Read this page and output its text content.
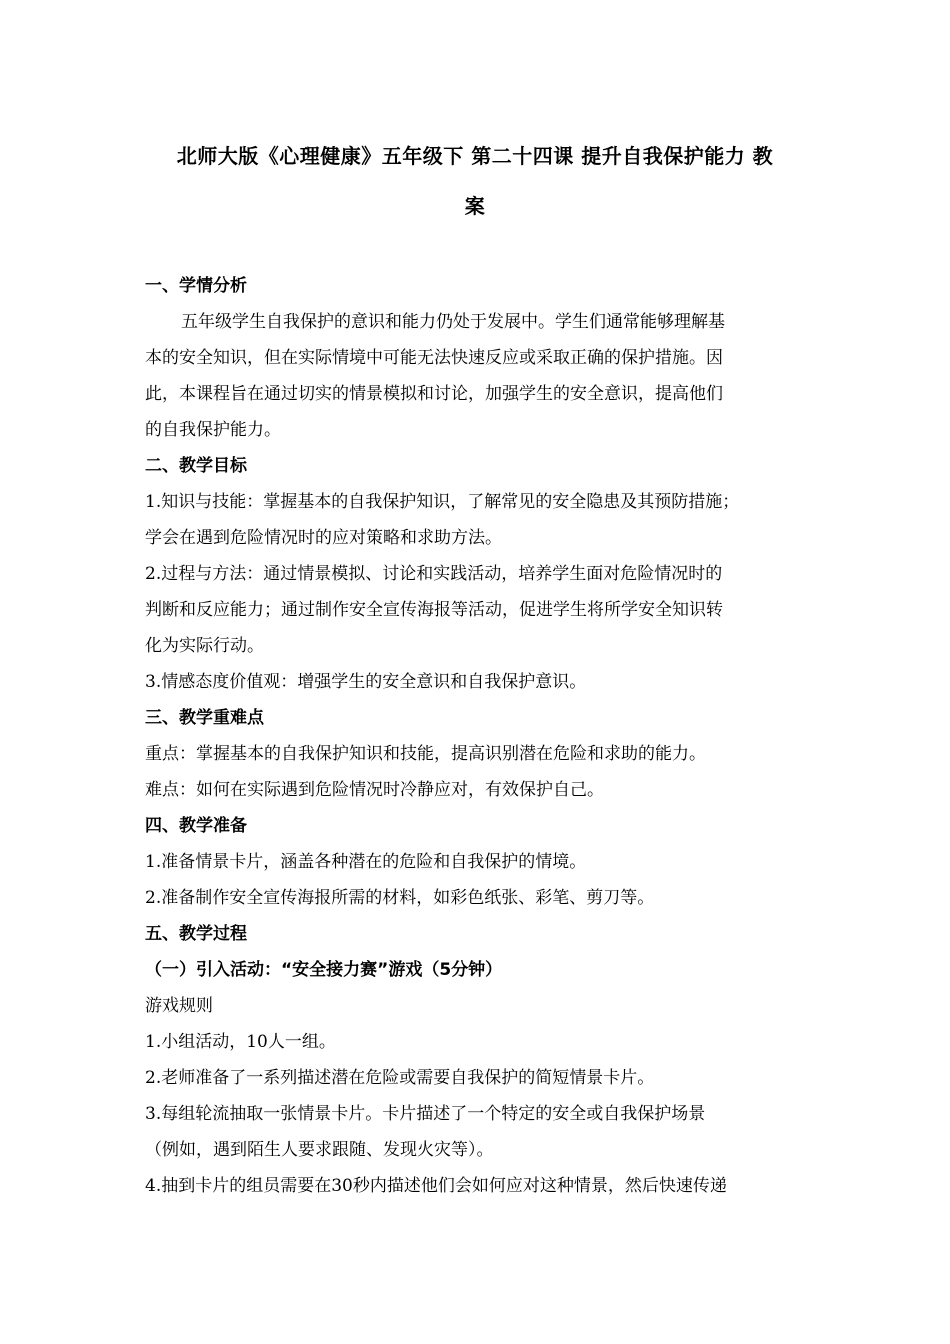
北师大版《心理健康》五年级下 第二十四课 提升自我保护能力 教
案
一、学情分析
五年级学生自我保护的意识和能力仍处于发展中。学生们通常能够理解基
本的安全知识，但在实际情境中可能无法快速反应或采取正确的保护措施。因
此，本课程旨在通过切实的情景模拟和讨论，加强学生的安全意识，提高他们
的自我保护能力。
二、教学目标
1.知识与技能：掌握基本的自我保护知识，了解常见的安全隐患及其预防措施；
学会在遇到危险情况时的应对策略和求助方法。
2.过程与方法：通过情景模拟、讨论和实践活动，培养学生面对危险情况时的
判断和反应能力；通过制作安全宣传海报等活动，促进学生将所学安全知识转
化为实际行动。
3.情感态度价值观：增强学生的安全意识和自我保护意识。
三、教学重难点
重点：掌握基本的自我保护知识和技能，提高识别潜在危险和求助的能力。
难点：如何在实际遇到危险情况时冷静应对，有效保护自己。
四、教学准备
1.准备情景卡片，涵盖各种潜在的危险和自我保护的情境。
2.准备制作安全宣传海报所需的材料，如彩色纸张、彩笔、剪刀等。
五、教学过程
（一）引入活动：“安全接力赛”游戏（5分钟）
游戏规则
1.小组活动，10人一组。
2.老师准备了一系列描述潜在危险或需要自我保护的简短情景卡片。
3.每组轮流抽取一张情景卡片。卡片描述了一个特定的安全或自我保护场景
（例如，遇到陌生人要求跟随、发现火灾等）。
4.抽到卡片的组员需要在30秒内描述他们会如何应对这种情景，然后快速传递
